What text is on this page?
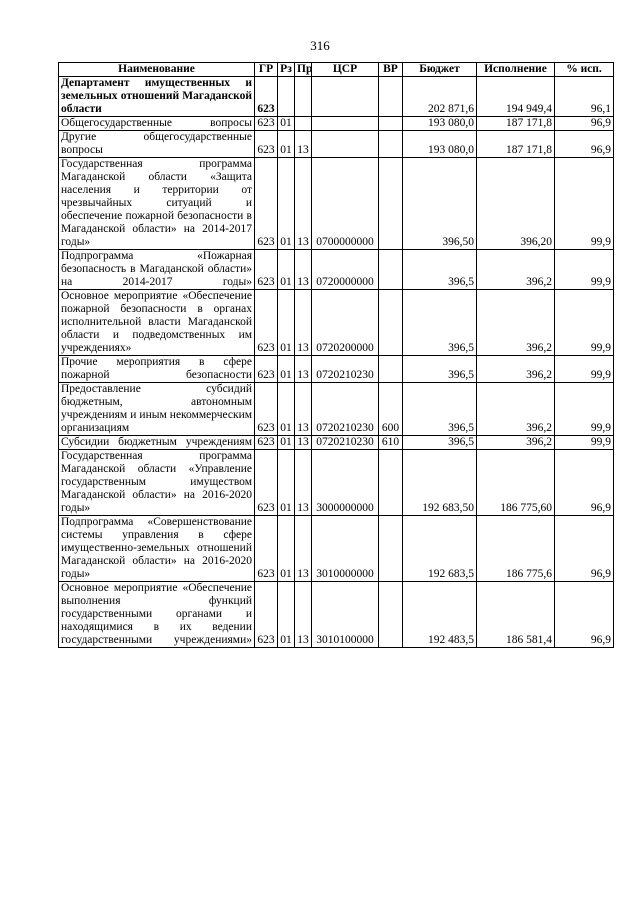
316
Наименование	ГР	Рз	Пр	ЦСР	ВР	Бюджет	Исполнение	% исп.
Департамент имущественных и земельных отношений Магаданской области	623					202 871,6	194 949,4	96,1
Общегосударственные вопросы	623	01				193 080,0	187 171,8	96,9
Другие общегосударственные вопросы	623	01	13			193 080,0	187 171,8	96,9
Государственная программа Магаданской области «Защита населения и территории от чрезвычайных ситуаций и обеспечение пожарной безопасности в Магаданской области» на 2014-2017 годы»	623	01	13	0700000000		396,50	396,20	99,9
Подпрограмма «Пожарная безопасность в Магаданской области» на 2014-2017 годы»	623	01	13	0720000000		396,5	396,2	99,9
Основное мероприятие «Обеспечение пожарной безопасности в органах исполнительной власти Магаданской области и подведомственных им учреждениях»	623	01	13	0720200000		396,5	396,2	99,9
Прочие мероприятия в сфере пожарной безопасности	623	01	13	0720210230		396,5	396,2	99,9
Предоставление субсидий бюджетным, автономным учреждениям и иным некоммерческим организациям	623	01	13	0720210230	600	396,5	396,2	99,9
Субсидии бюджетным учреждениям	623	01	13	0720210230	610	396,5	396,2	99,9
Государственная программа Магаданской области «Управление государственным имуществом Магаданской области» на 2016-2020 годы»	623	01	13	3000000000		192 683,50	186 775,60	96,9
Подпрограмма «Совершенствование системы управления в сфере имущественно-земельных отношений Магаданской области» на 2016-2020 годы»	623	01	13	3010000000		192 683,5	186 775,6	96,9
Основное мероприятие «Обеспечение выполнения функций государственными органами и находящимися в их ведении государственными учреждениями»	623	01	13	3010100000		192 483,5	186 581,4	96,9
